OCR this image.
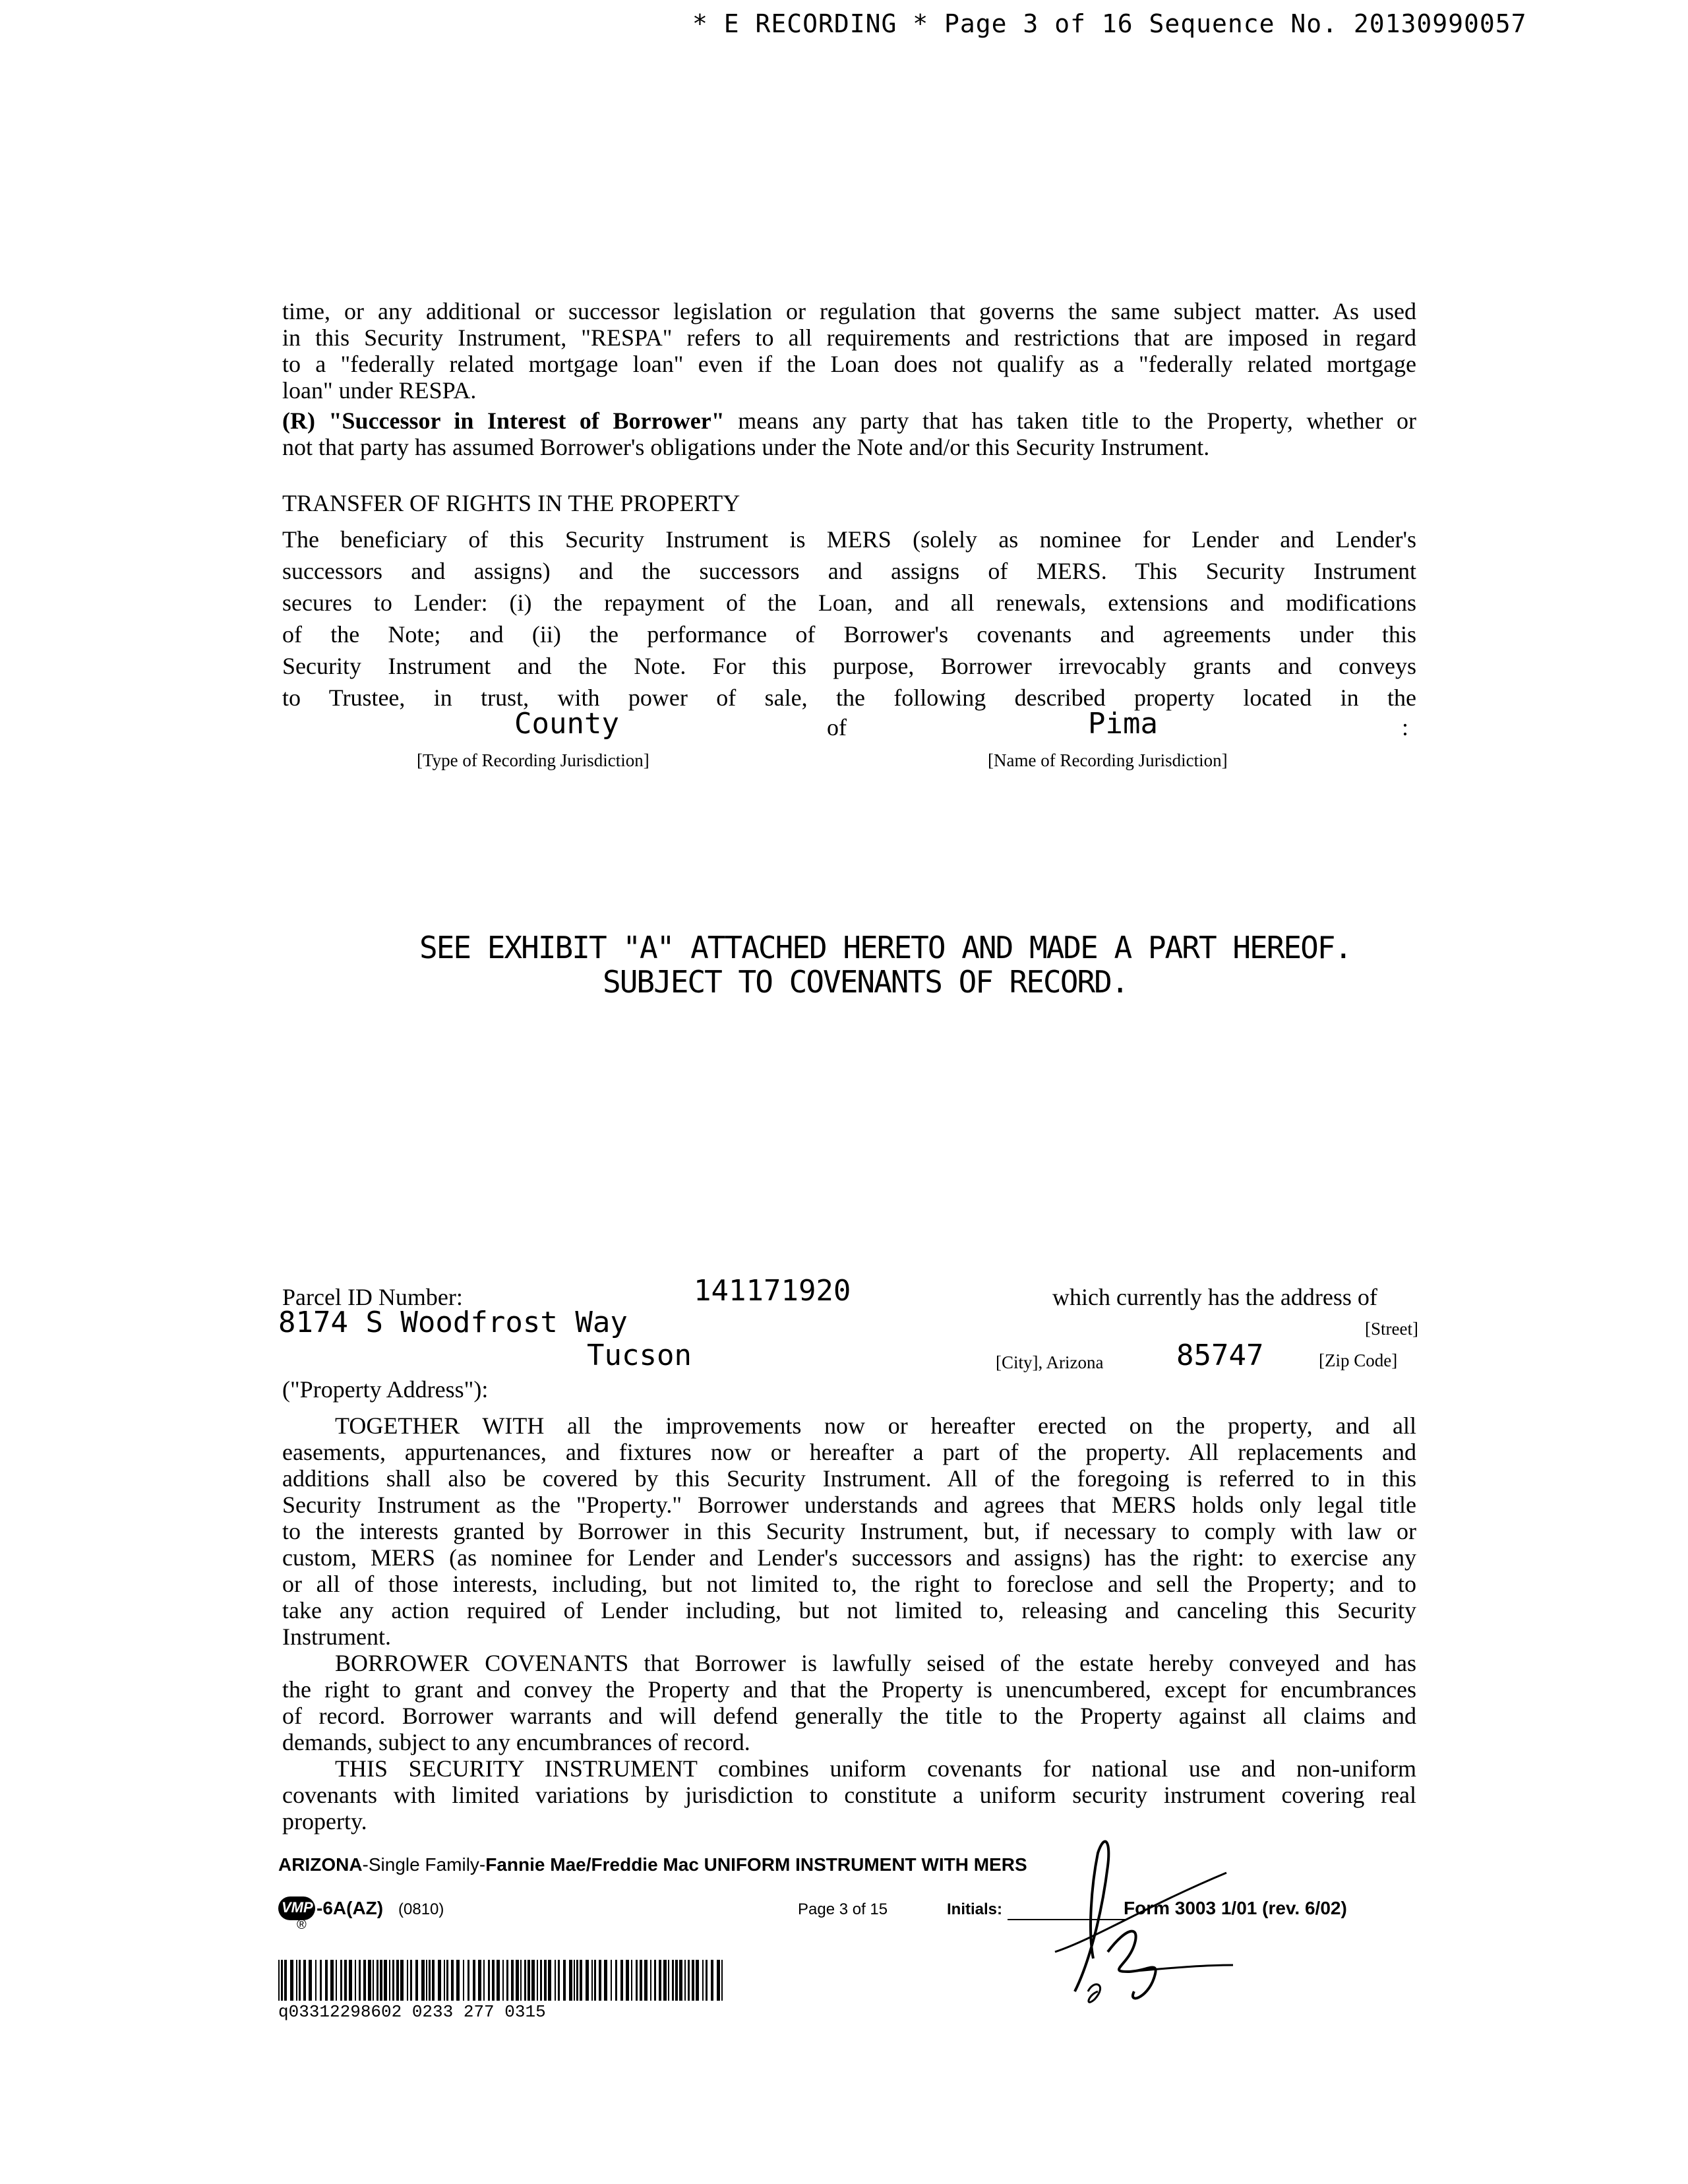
* E RECORDING * Page 3 of 16 Sequence No. 20130990057
time, or any additional or successor legislation or regulation that governs the same subject matter. As used
in this Security Instrument, "RESPA" refers to all requirements and restrictions that are imposed in regard
to a "federally related mortgage loan" even if the Loan does not qualify as a "federally related mortgage
loan" under RESPA.
(R) "Successor in Interest of Borrower" means any party that has taken title to the Property, whether or
not that party has assumed Borrower's obligations under the Note and/or this Security Instrument.
TRANSFER OF RIGHTS IN THE PROPERTY
The beneficiary of this Security Instrument is MERS (solely as nominee for Lender and Lender's
successors and assigns) and the successors and assigns of MERS. This Security Instrument
secures to Lender: (i) the repayment of the Loan, and all renewals, extensions and modifications
of the Note; and (ii) the performance of Borrower's covenants and agreements under this
Security Instrument and the Note. For this purpose, Borrower irrevocably grants and conveys
to Trustee, in trust, with power of sale, the following described property located in the
County	of	Pima	:
[Type of Recording Jurisdiction]	[Name of Recording Jurisdiction]
SEE EXHIBIT "A" ATTACHED HERETO AND MADE A PART HEREOF.
SUBJECT TO COVENANTS OF RECORD.
Parcel ID Number:	141171920	which currently has the address of
8174 S Woodfrost Way	[Street]
Tucson	[City], Arizona	85747	[Zip Code]
("Property Address"):
TOGETHER WITH all the improvements now or hereafter erected on the property, and all
easements, appurtenances, and fixtures now or hereafter a part of the property. All replacements and
additions shall also be covered by this Security Instrument. All of the foregoing is referred to in this
Security Instrument as the "Property." Borrower understands and agrees that MERS holds only legal title
to the interests granted by Borrower in this Security Instrument, but, if necessary to comply with law or
custom, MERS (as nominee for Lender and Lender's successors and assigns) has the right: to exercise any
or all of those interests, including, but not limited to, the right to foreclose and sell the Property; and to
take any action required of Lender including, but not limited to, releasing and canceling this Security
Instrument.
BORROWER COVENANTS that Borrower is lawfully seised of the estate hereby conveyed and has
the right to grant and convey the Property and that the Property is unencumbered, except for encumbrances
of record. Borrower warrants and will defend generally the title to the Property against all claims and
demands, subject to any encumbrances of record.
THIS SECURITY INSTRUMENT combines uniform covenants for national use and non-uniform
covenants with limited variations by jurisdiction to constitute a uniform security instrument covering real
property.
ARIZONA-Single Family-Fannie Mae/Freddie Mac UNIFORM INSTRUMENT WITH MERS
VMP
®
-6A(AZ) (0810)	Page 3 of 15	Initials:	Form 3003 1/01 (rev. 6/02)
q03312298602 0233 277 0315
